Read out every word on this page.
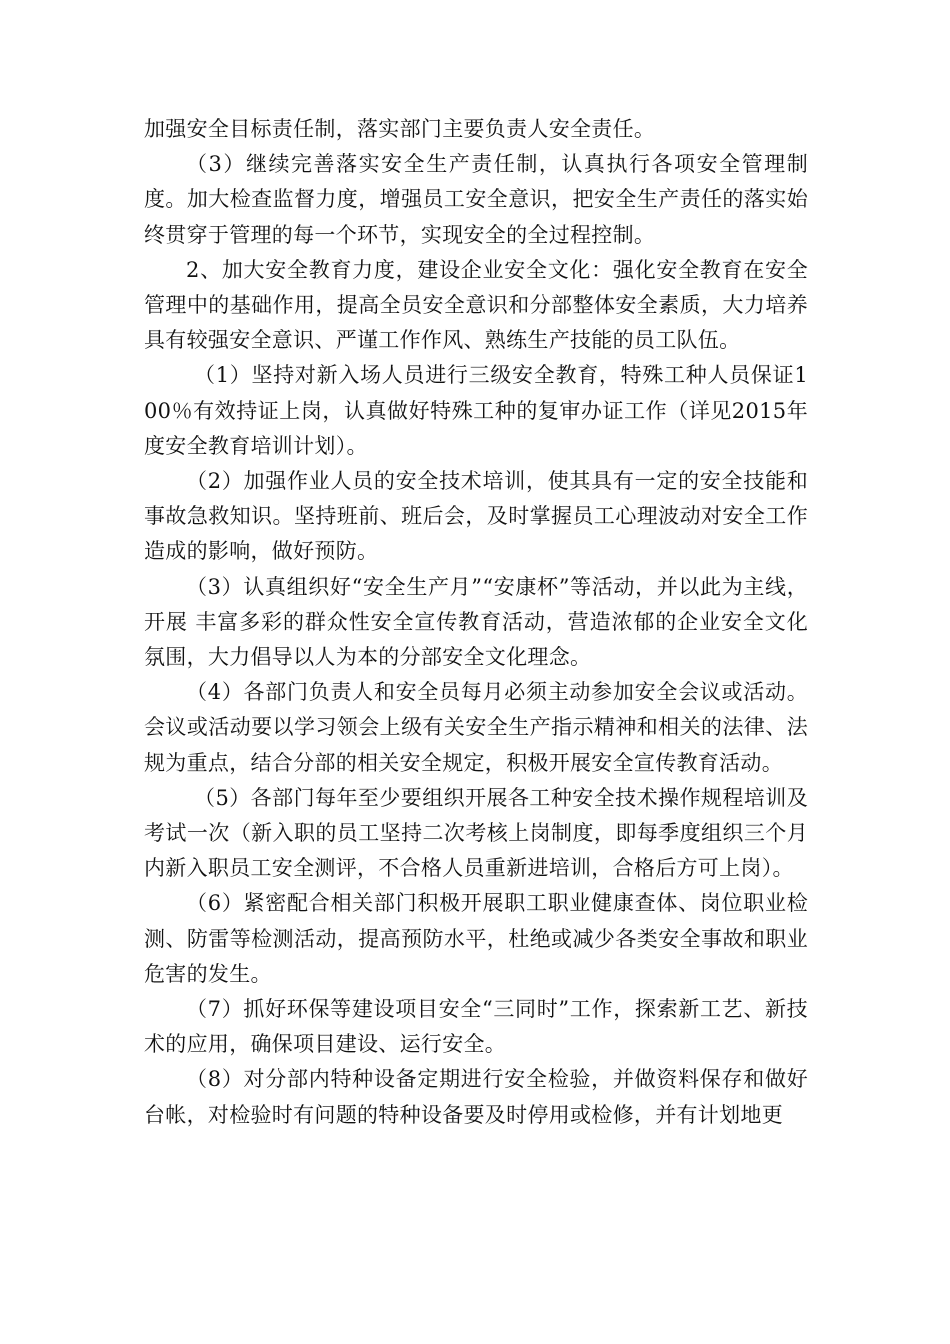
加强安全目标责任制，落实部门主要负责人安全责任。

（3）继续完善落实安全生产责任制，认真执行各项安全管理制度。加大检查监督力度，增强员工安全意识，把安全生产责任的落实始终贯穿于管理的每一个环节，实现安全的全过程控制。

2、加大安全教育力度，建设企业安全文化：强化安全教育在安全管理中的基础作用，提高全员安全意识和分部整体安全素质，大力培养具有较强安全意识、严谨工作作风、熟练生产技能的员工队伍。

（1）坚持对新入场人员进行三级安全教育，特殊工种人员保证100％有效持证上岗，认真做好特殊工种的复审办证工作（详见2015年度安全教育培训计划）。

（2）加强作业人员的安全技术培训，使其具有一定的安全技能和事故急救知识。坚持班前、班后会，及时掌握员工心理波动对安全工作造成的影响，做好预防。

（3）认真组织好“安全生产月”“安康杯”等活动，并以此为主线，开展 丰富多彩的群众性安全宣传教育活动，营造浓郁的企业安全文化氛围，大力倡导以人为本的分部安全文化理念。

（4）各部门负责人和安全员每月必须主动参加安全会议或活动。会议或活动要以学习领会上级有关安全生产指示精神和相关的法律、法规为重点，结合分部的相关安全规定，积极开展安全宣传教育活动。

（5）各部门每年至少要组织开展各工种安全技术操作规程培训及考试一次（新入职的员工坚持二次考核上岗制度，即每季度组织三个月内新入职员工安全测评，不合格人员重新进培训，合格后方可上岗）。

（6）紧密配合相关部门积极开展职工职业健康查体、岗位职业检测、防雷等检测活动，提高预防水平，杜绝或减少各类安全事故和职业危害的发生。

（7）抓好环保等建设项目安全“三同时”工作，探索新工艺、新技术的应用，确保项目建设、运行安全。

（8）对分部内特种设备定期进行安全检验，并做资料保存和做好台帐，对检验时有问题的特种设备要及时停用或检修，并有计划地更
